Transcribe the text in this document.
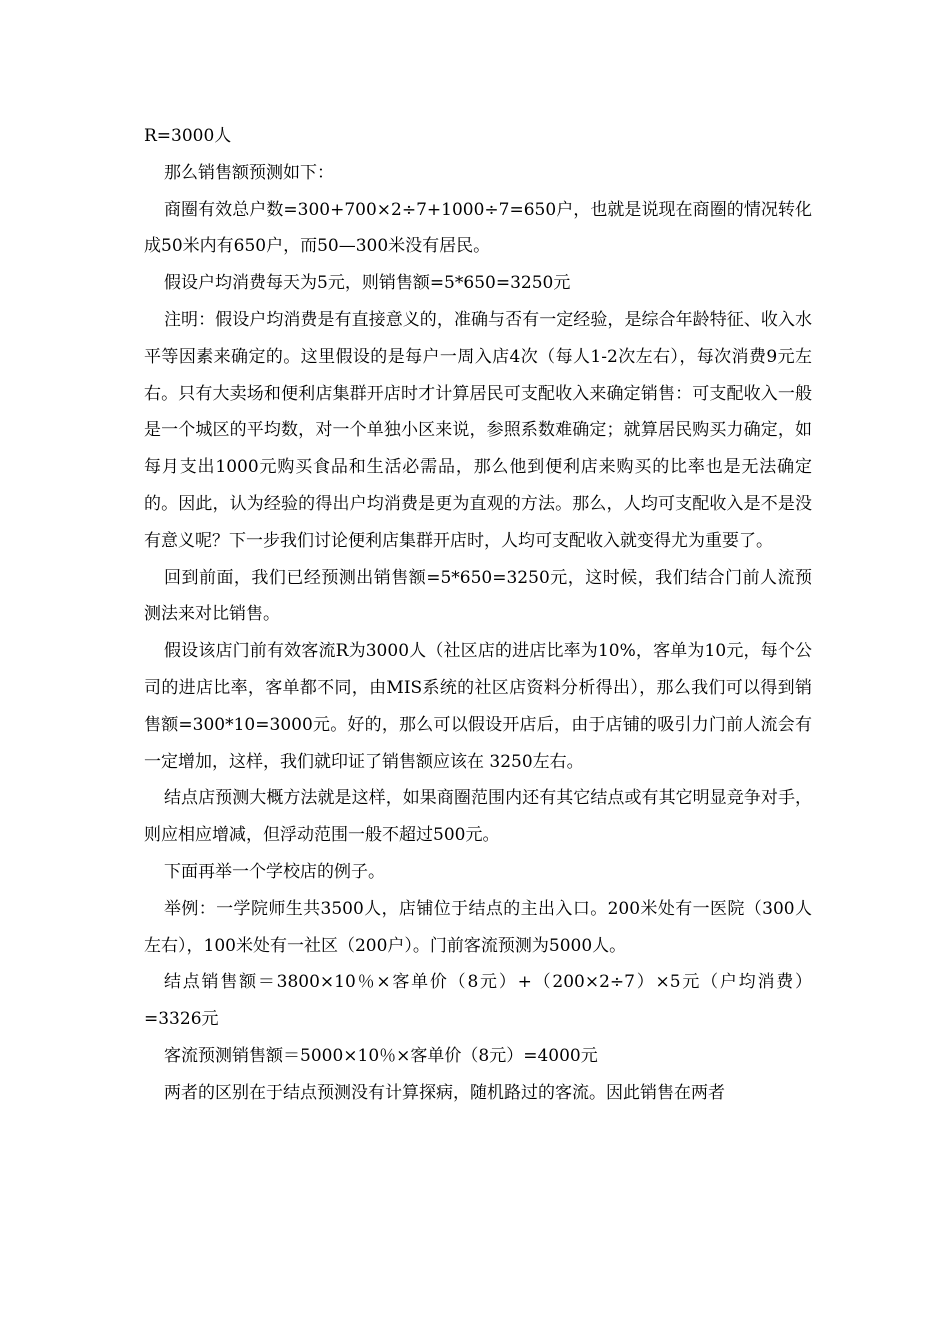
R=3000人

那么销售额预测如下：

商圈有效总户数=300+700×2÷7+1000÷7=650户，也就是说现在商圈的情况转化成50米内有650户，而50—300米没有居民。

假设户均消费每天为5元，则销售额=5*650=3250元

注明：假设户均消费是有直接意义的，准确与否有一定经验，是综合年龄特征、收入水平等因素来确定的。这里假设的是每户一周入店4次（每人1-2次左右），每次消费9元左右。只有大卖场和便利店集群开店时才计算居民可支配收入来确定销售：可支配收入一般是一个城区的平均数，对一个单独小区来说，参照系数难确定；就算居民购买力确定，如每月支出1000元购买食品和生活必需品，那么他到便利店来购买的比率也是无法确定的。因此，认为经验的得出户均消费是更为直观的方法。那么，人均可支配收入是不是没有意义呢？下一步我们讨论便利店集群开店时，人均可支配收入就变得尤为重要了。

回到前面，我们已经预测出销售额=5*650=3250元，这时候，我们结合门前人流预测法来对比销售。

假设该店门前有效客流R为3000人（社区店的进店比率为10%，客单为10元，每个公司的进店比率，客单都不同，由MIS系统的社区店资料分析得出），那么我们可以得到销售额=300*10=3000元。好的，那么可以假设开店后，由于店铺的吸引力门前人流会有一定增加，这样，我们就印证了销售额应该在 3250左右。

结点店预测大概方法就是这样，如果商圈范围内还有其它结点或有其它明显竞争对手，则应相应增减，但浮动范围一般不超过500元。

下面再举一个学校店的例子。

举例：一学院师生共3500人，店铺位于结点的主出入口。200米处有一医院（300人左右），100米处有一社区（200户）。门前客流预测为5000人。

结点销售额＝3800×10％×客单价（8元）+（200×2÷7）×5元（户均消费）=3326元

客流预测销售额＝5000×10％×客单价（8元）=4000元

两者的区别在于结点预测没有计算探病，随机路过的客流。因此销售在两者
